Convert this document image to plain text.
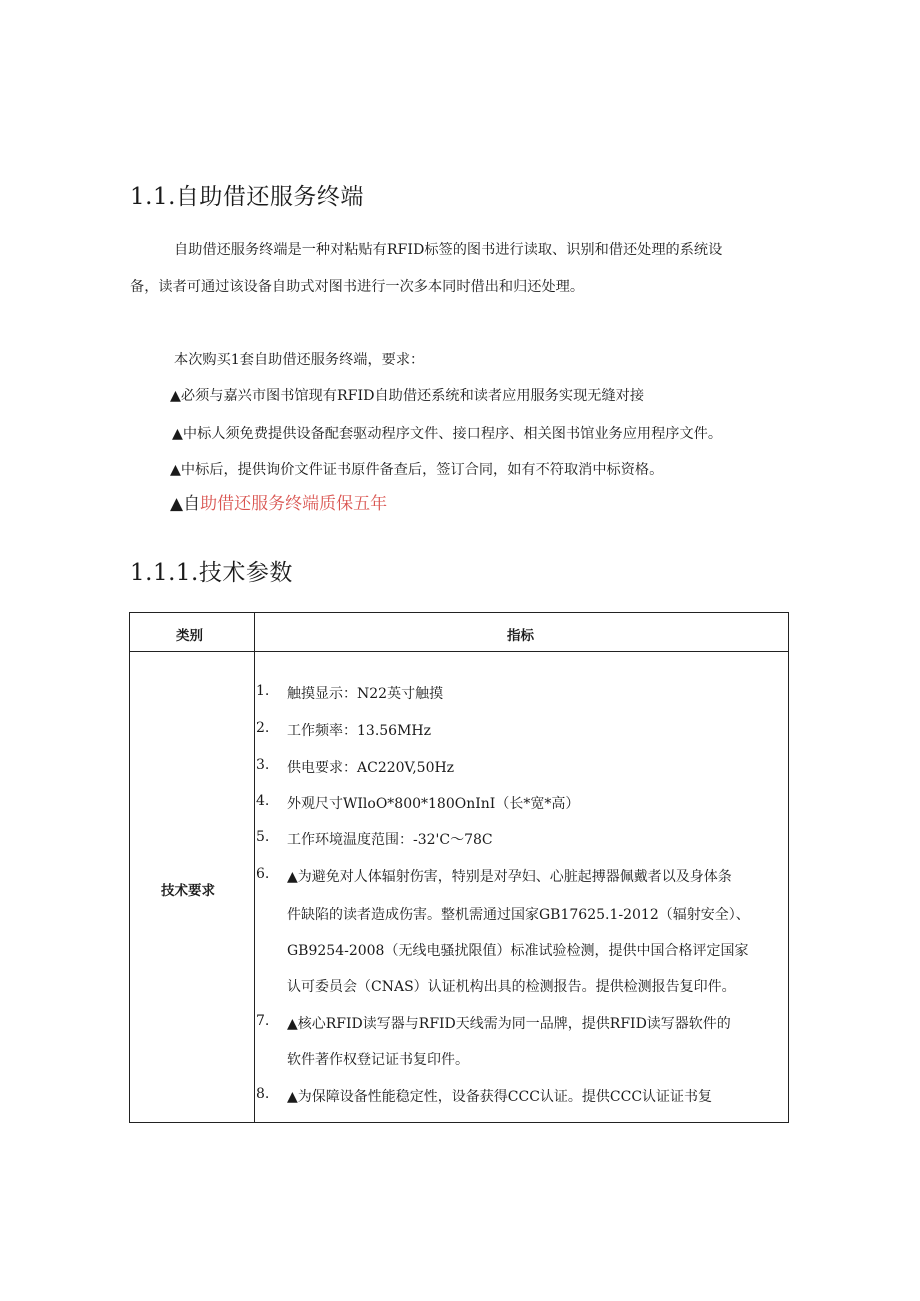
1.1.自助借还服务终端
自助借还服务终端是一种对粘贴有RFID标签的图书进行读取、识别和借还处理的系统设
备，读者可通过该设备自助式对图书进行一次多本同时借出和归还处理。
本次购买1套自助借还服务终端，要求：
▲必须与嘉兴市图书馆现有RFID自助借还系统和读者应用服务实现无缝对接
▲中标人须免费提供设备配套驱动程序文件、接口程序、相关图书馆业务应用程序文件。
▲中标后，提供询价文件证书原件备查后，签订合同，如有不符取消中标资格。
▲自助借还服务终端质保五年
1.1.1.技术参数
类别	指标
技术要求
1. 触摸显示：N22英寸触摸
2. 工作频率：13.56MHz
3. 供电要求：AC220V,50Hz
4. 外观尺寸WIloO*800*180OnInI（长*宽*高）
5. 工作环境温度范围：-32'C～78C
6. ▲为避免对人体辐射伤害，特别是对孕妇、心脏起搏器佩戴者以及身体条
件缺陷的读者造成伤害。整机需通过国家GB17625.1-2012（辐射安全）、
GB9254-2008（无线电骚扰限值）标准试验检测，提供中国合格评定国家
认可委员会（CNAS）认证机构出具的检测报告。提供检测报告复印件。
7. ▲核心RFID读写器与RFID天线需为同一品牌，提供RFID读写器软件的
软件著作权登记证书复印件。
8. ▲为保障设备性能稳定性，设备获得CCC认证。提供CCC认证证书复
